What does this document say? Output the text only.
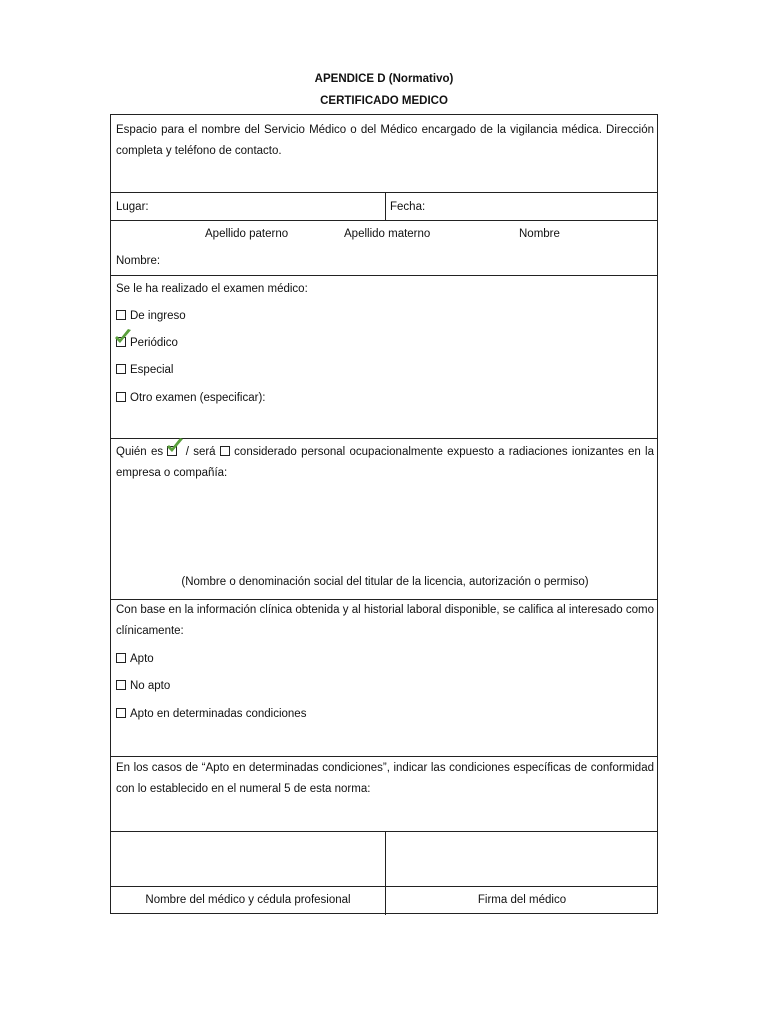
APENDICE D (Normativo)
CERTIFICADO MEDICO
Espacio para el nombre del Servicio Médico o del Médico encargado de la vigilancia médica. Dirección completa y teléfono de contacto.
Lugar:	Fecha:
Apellido paterno	Apellido materno	Nombre
Nombre:
Se le ha realizado el examen médico:
De ingreso
Periódico
Especial
Otro examen (especificar):
Quién es / será considerado personal ocupacionalmente expuesto a radiaciones ionizantes en la empresa o compañía:
(Nombre o denominación social del titular de la licencia, autorización o permiso)
Con base en la información clínica obtenida y al historial laboral disponible, se califica al interesado como clínicamente:
Apto
No apto
Apto en determinadas condiciones
En los casos de “Apto en determinadas condiciones”, indicar las condiciones específicas de conformidad con lo establecido en el numeral 5 de esta norma:
Nombre del médico y cédula profesional	Firma del médico
